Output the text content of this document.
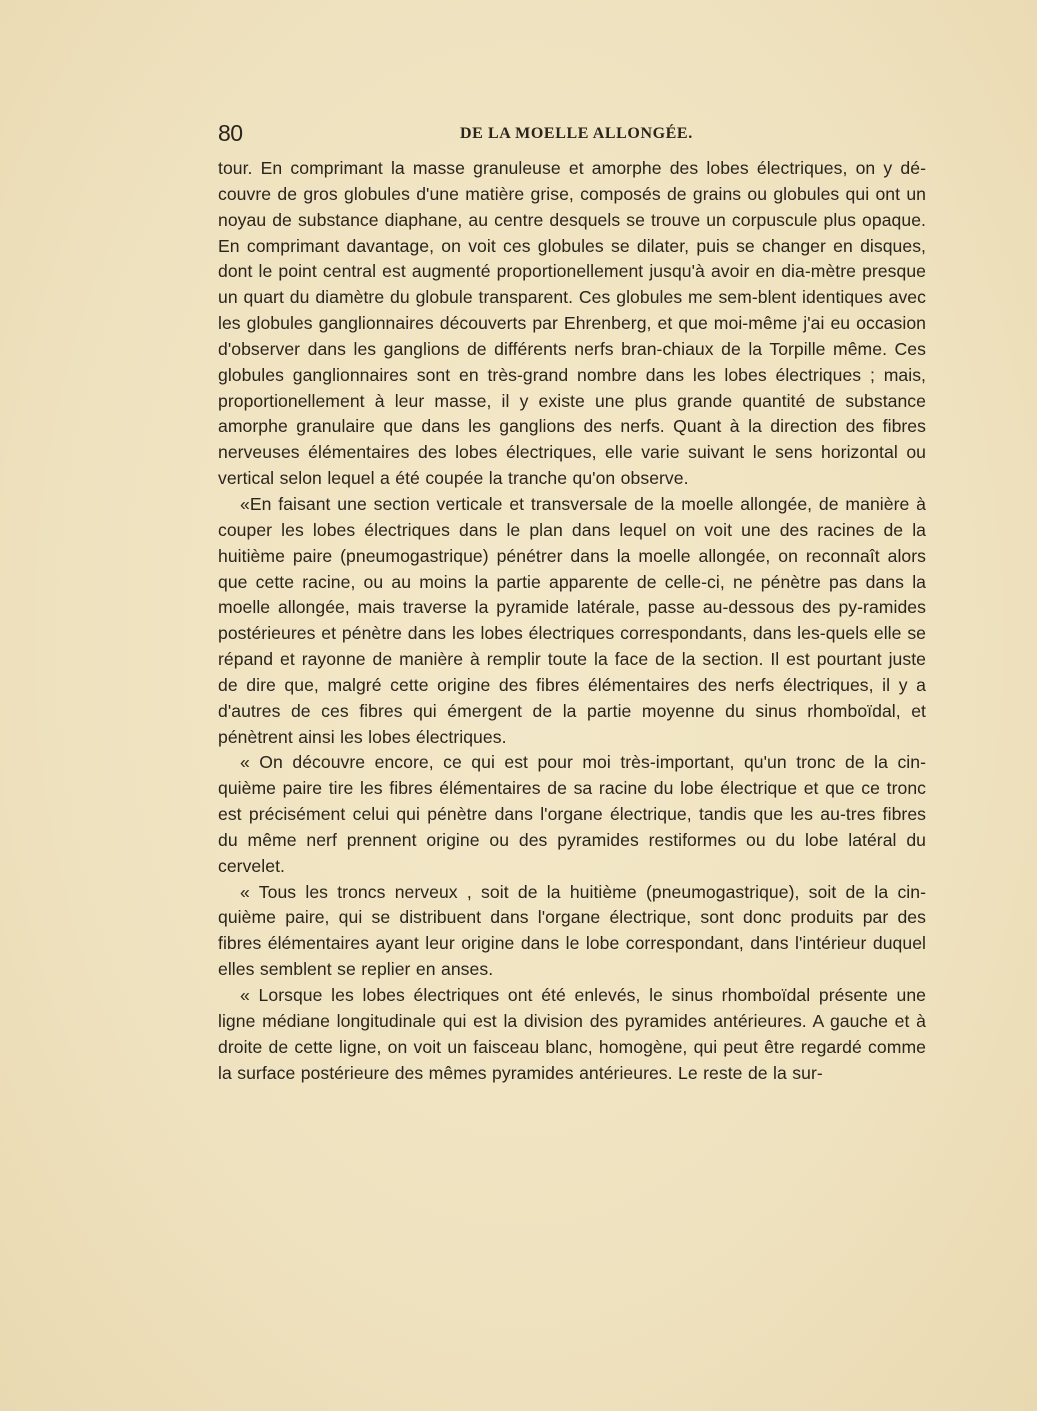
80	DE LA MOELLE ALLONGÉE.

tour. En comprimant la masse granuleuse et amorphe des lobes électriques, on y dé-couvre de gros globules d'une matière grise, composés de grains ou globules qui ont un noyau de substance diaphane, au centre desquels se trouve un corpuscule plus opaque. En comprimant davantage, on voit ces globules se dilater, puis se changer en disques, dont le point central est augmenté proportionellement jusqu'à avoir en dia-mètre presque un quart du diamètre du globule transparent. Ces globules me sem-blent identiques avec les globules ganglionnaires découverts par Ehrenberg, et que moi-même j'ai eu occasion d'observer dans les ganglions de différents nerfs bran-chiaux de la Torpille même. Ces globules ganglionnaires sont en très-grand nombre dans les lobes électriques ; mais, proportionellement à leur masse, il y existe une plus grande quantité de substance amorphe granulaire que dans les ganglions des nerfs. Quant à la direction des fibres nerveuses élémentaires des lobes électriques, elle varie suivant le sens horizontal ou vertical selon lequel a été coupée la tranche qu'on observe.

«En faisant une section verticale et transversale de la moelle allongée, de manière à couper les lobes électriques dans le plan dans lequel on voit une des racines de la huitième paire (pneumogastrique) pénétrer dans la moelle allongée, on reconnaît alors que cette racine, ou au moins la partie apparente de celle-ci, ne pénètre pas dans la moelle allongée, mais traverse la pyramide latérale, passe au-dessous des py-ramides postérieures et pénètre dans les lobes électriques correspondants, dans les-quels elle se répand et rayonne de manière à remplir toute la face de la section. Il est pourtant juste de dire que, malgré cette origine des fibres élémentaires des nerfs électriques, il y a d'autres de ces fibres qui émergent de la partie moyenne du sinus rhomboïdal, et pénètrent ainsi les lobes électriques.

« On découvre encore, ce qui est pour moi très-important, qu'un tronc de la cin-quième paire tire les fibres élémentaires de sa racine du lobe électrique et que ce tronc est précisément celui qui pénètre dans l'organe électrique, tandis que les au-tres fibres du même nerf prennent origine ou des pyramides restiformes ou du lobe latéral du cervelet.

« Tous les troncs nerveux , soit de la huitième (pneumogastrique), soit de la cin-quième paire, qui se distribuent dans l'organe électrique, sont donc produits par des fibres élémentaires ayant leur origine dans le lobe correspondant, dans l'intérieur duquel elles semblent se replier en anses.

« Lorsque les lobes électriques ont été enlevés, le sinus rhomboïdal présente une ligne médiane longitudinale qui est la division des pyramides antérieures. A gauche et à droite de cette ligne, on voit un faisceau blanc, homogène, qui peut être regardé comme la surface postérieure des mêmes pyramides antérieures. Le reste de la sur-
